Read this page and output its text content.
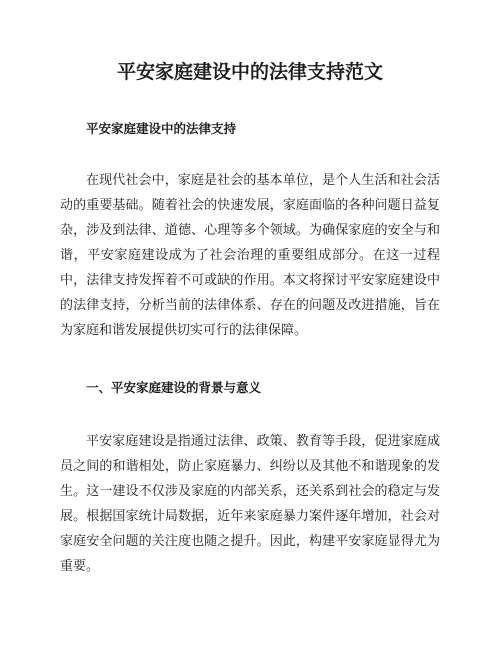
平安家庭建设中的法律支持范文
平安家庭建设中的法律支持

在现代社会中，家庭是社会的基本单位，是个人生活和社会活动的重要基础。随着社会的快速发展，家庭面临的各种问题日益复杂，涉及到法律、道德、心理等多个领域。为确保家庭的安全与和谐，平安家庭建设成为了社会治理的重要组成部分。在这一过程中，法律支持发挥着不可或缺的作用。本文将探讨平安家庭建设中的法律支持，分析当前的法律体系、存在的问题及改进措施，旨在为家庭和谐发展提供切实可行的法律保障。

一、平安家庭建设的背景与意义

平安家庭建设是指通过法律、政策、教育等手段，促进家庭成员之间的和谐相处，防止家庭暴力、纠纷以及其他不和谐现象的发生。这一建设不仅涉及家庭的内部关系，还关系到社会的稳定与发展。根据国家统计局数据，近年来家庭暴力案件逐年增加，社会对家庭安全问题的关注度也随之提升。因此，构建平安家庭显得尤为重要。
